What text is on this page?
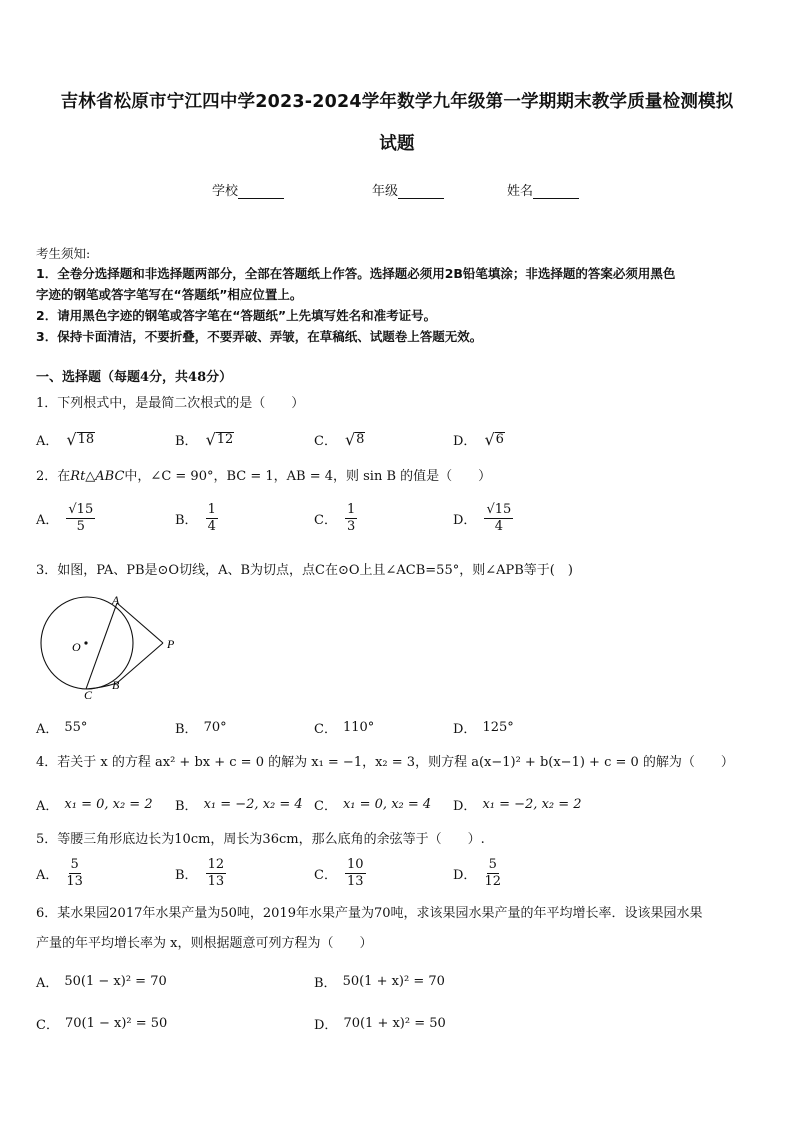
吉林省松原市宁江四中学2023-2024学年数学九年级第一学期期末教学质量检测模拟
试题
学校	年级	姓名
考生须知:
1．全卷分选择题和非选择题两部分，全部在答题纸上作答。选择题必须用2B铅笔填涂；非选择题的答案必须用黑色
字迹的钢笔或答字笔写在“答题纸”相应位置上。
2．请用黑色字迹的钢笔或答字笔在“答题纸”上先填写姓名和准考证号。
3．保持卡面清洁，不要折叠，不要弄破、弄皱，在草稿纸、试题卷上答题无效。
一、选择题（每题4分，共48分）
1．下列根式中，是最简二次根式的是（　　）
A． √ 18	B． √ 12	C． √ 8	D． √ 6
2．在Rt△ABC中，∠C = 90°，BC = 1，AB = 4，则 sin B 的值是（　　）
A． $\frac{√15}{5}$	B． $\frac{1}{4}$	C． $\frac{1}{3}$	D． $\frac{√15}{4}$
3．如图，PA、PB是⊙O切线，A、B为切点，点C在⊙O上且∠ACB=55°，则∠APB等于(　)
A
O	P
B
C
A． 55°	B． 70°	C． 110°	D． 125°
4．若关于 x 的方程 ax² + bx + c = 0 的解为 x₁ = −1，x₂ = 3，则方程 a(x−1)² + b(x−1) + c = 0 的解为（　　）
A． x₁ = 0, x₂ = 2 B． x₁ = −2, x₂ = 4 C． x₁ = 0, x₂ = 4 D． x₁ = −2, x₂ = 2
5．等腰三角形底边长为10cm，周长为36cm，那么底角的余弦等于（　　）.
A． $\frac{5}{13}$	B． $\frac{12}{13}$	C． $\frac{10}{13}$	D． $\frac{5}{12}$
6．某水果园2017年水果产量为50吨，2019年水果产量为70吨，求该果园水果产量的年平均增长率．设该果园水果
产量的年平均增长率为 x，则根据题意可列方程为（　　）
A． 50(1 − x)² = 70	B． 50(1 + x)² = 70
C． 70(1 − x)² = 50	D． 70(1 + x)² = 50
